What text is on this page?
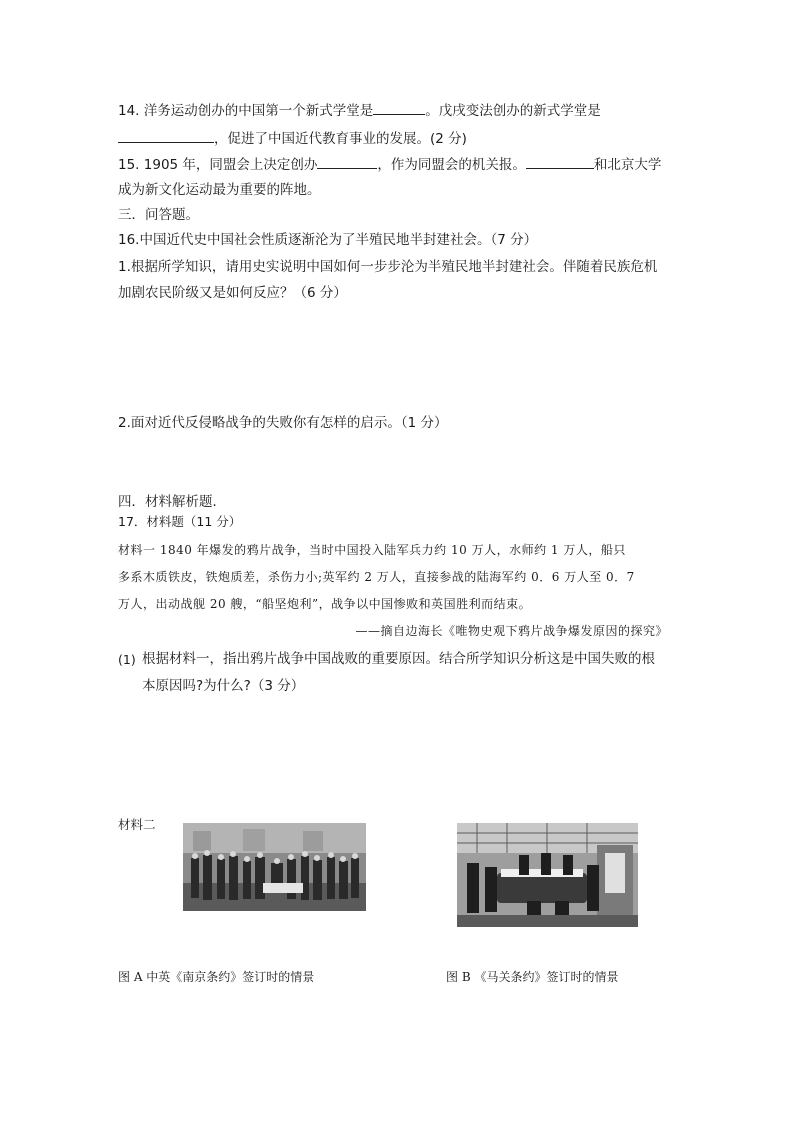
14. 洋务运动创办的中国第一个新式学堂是	。戊戌变法创办的新式学堂是
，促进了中国近代教育事业的发展。(2 分)
15. 1905 年，同盟会上决定创办	，作为同盟会的机关报。	和北京大学
成为新文化运动最为重要的阵地。
三．问答题。
16.中国近代史中国社会性质逐渐沦为了半殖民地半封建社会。（7 分）
1.根据所学知识，请用史实说明中国如何一步步沦为半殖民地半封建社会。伴随着民族危机
加剧农民阶级又是如何反应？（6 分）
2.面对近代反侵略战争的失败你有怎样的启示。（1 分）
四．材料解析题．
17．材料题（11 分）
材料一 1840 年爆发的鸦片战争，当时中国投入陆军兵力约 10 万人，水师约 1 万人，船只
多系木质铁皮，铁炮质差，杀伤力小;英军约 2 万人，直接参战的陆海军约 0．6 万人至 0．7
万人，出动战舰 20 艘，“船坚炮利”，战争以中国惨败和英国胜利而结束。
——摘自边海长《唯物史观下鸦片战争爆发原因的探究》
(1) 根据材料一，指出鸦片战争中国战败的重要原因。结合所学知识分析这是中国失败的根
本原因吗?为什么?（3 分）
材料二
图 A 中英《南京条约》签订时的情景	图 B 《马关条约》签订时的情景
